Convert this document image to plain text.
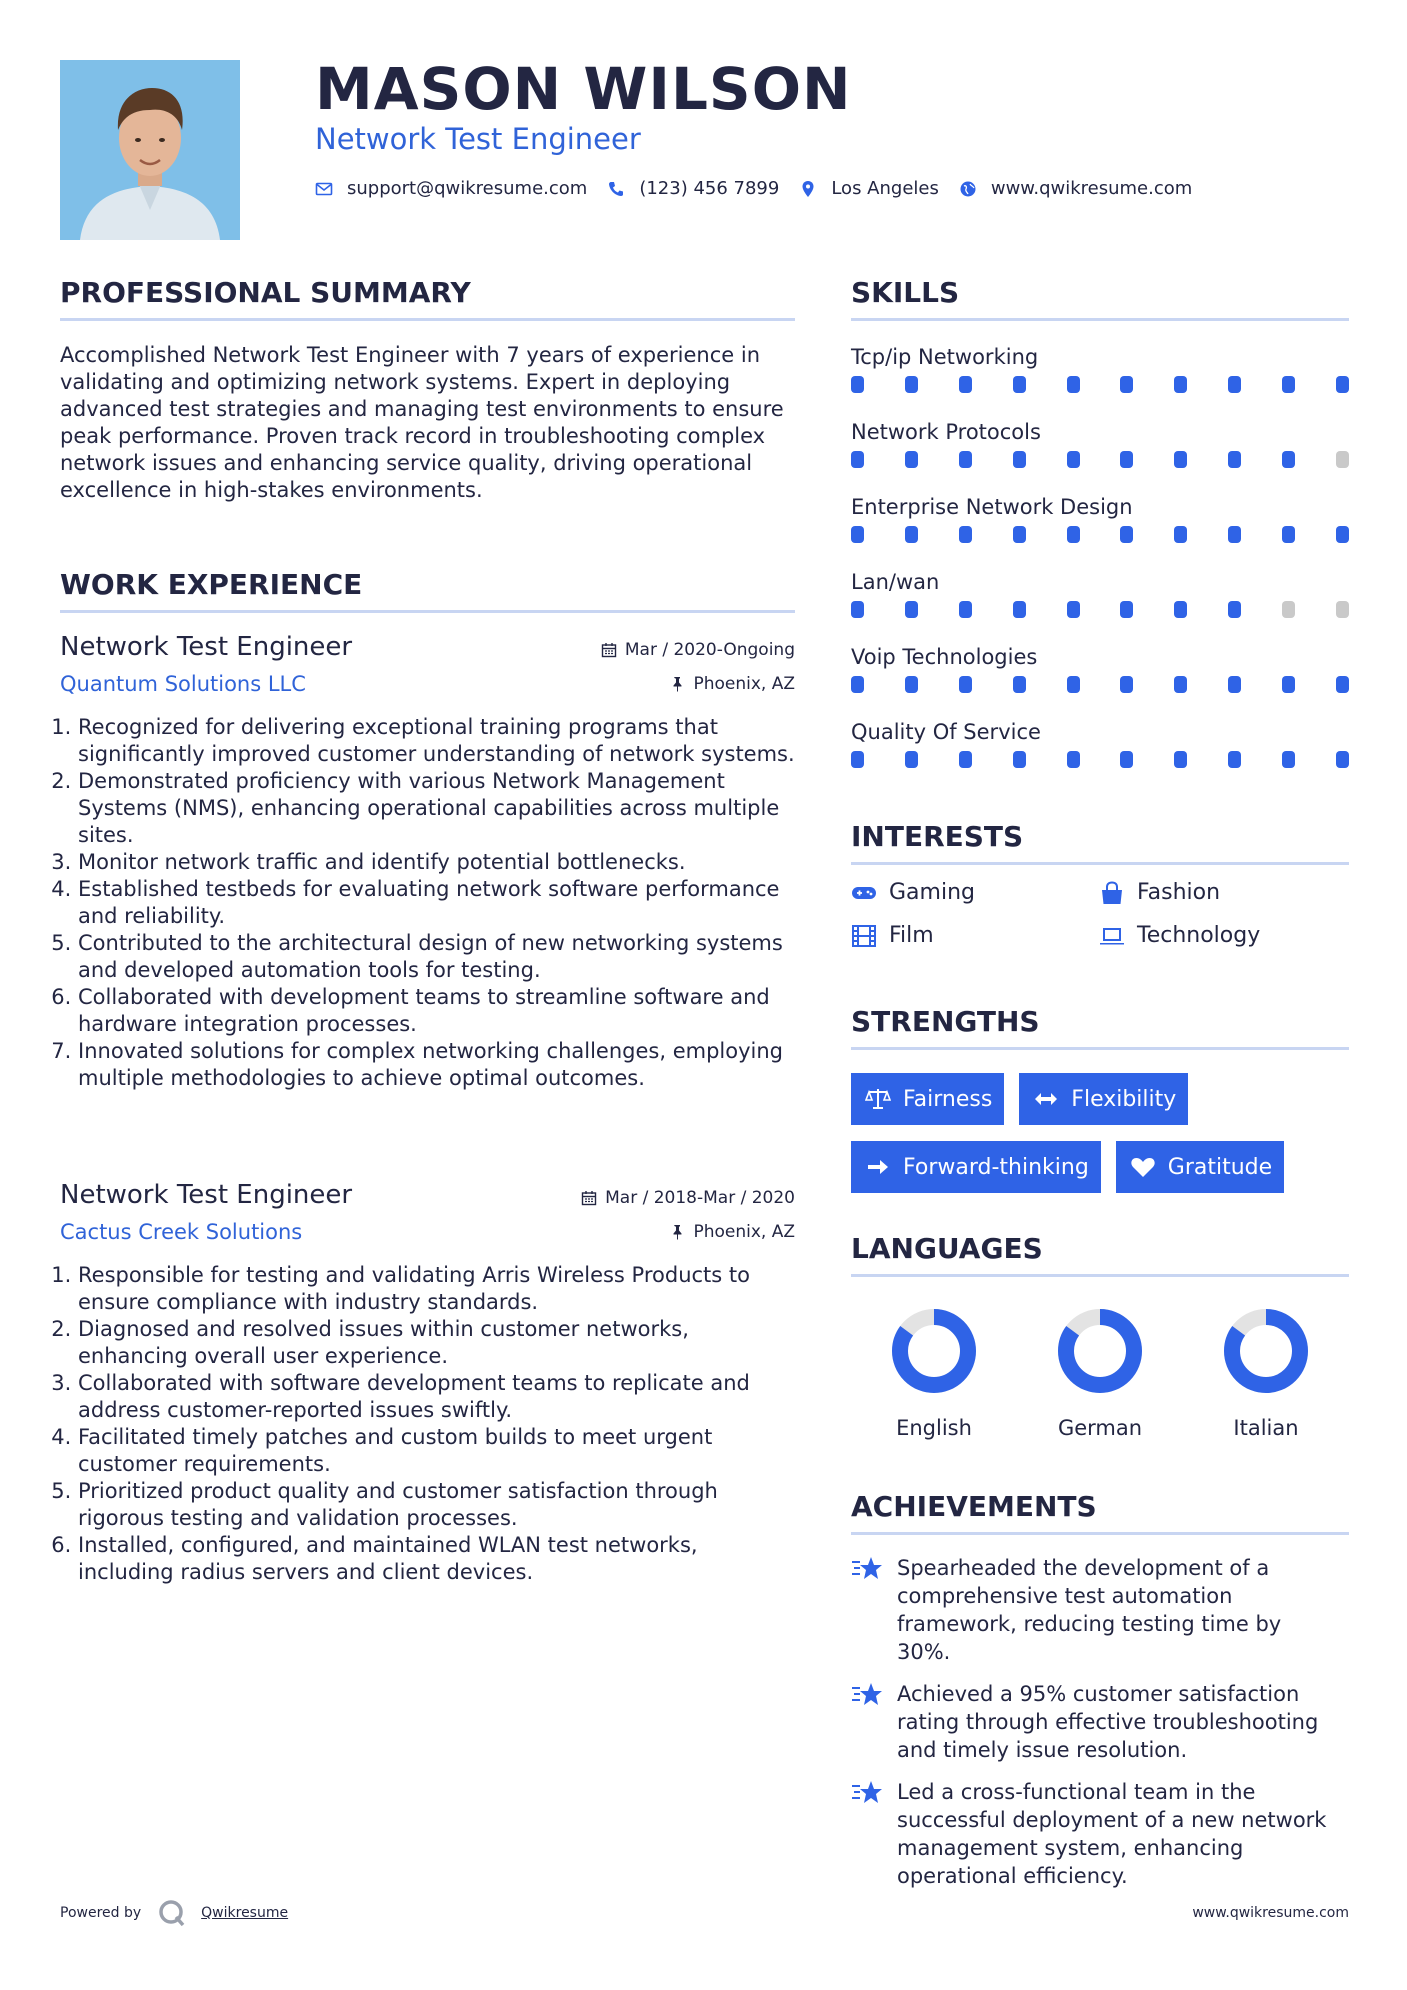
MASON WILSON
Network Test Engineer
support@qwikresume.com	(123) 456 7899	Los Angeles	www.qwikresume.com
PROFESSIONAL SUMMARY
Accomplished Network Test Engineer with 7 years of experience in validating and optimizing network systems. Expert in deploying advanced test strategies and managing test environments to ensure peak performance. Proven track record in troubleshooting complex network issues and enhancing service quality, driving operational excellence in high-stakes environments.
WORK EXPERIENCE
Network Test Engineer
Quantum Solutions LLC
Mar / 2020-Ongoing
Phoenix, AZ
1. Recognized for delivering exceptional training programs that significantly improved customer understanding of network systems.
2. Demonstrated proficiency with various Network Management Systems (NMS), enhancing operational capabilities across multiple sites.
3. Monitor network traffic and identify potential bottlenecks.
4. Established testbeds for evaluating network software performance and reliability.
5. Contributed to the architectural design of new networking systems and developed automation tools for testing.
6. Collaborated with development teams to streamline software and hardware integration processes.
7. Innovated solutions for complex networking challenges, employing multiple methodologies to achieve optimal outcomes.
Network Test Engineer
Cactus Creek Solutions
Mar / 2018-Mar / 2020
Phoenix, AZ
1. Responsible for testing and validating Arris Wireless Products to ensure compliance with industry standards.
2. Diagnosed and resolved issues within customer networks, enhancing overall user experience.
3. Collaborated with software development teams to replicate and address customer-reported issues swiftly.
4. Facilitated timely patches and custom builds to meet urgent customer requirements.
5. Prioritized product quality and customer satisfaction through rigorous testing and validation processes.
6. Installed, configured, and maintained WLAN test networks, including radius servers and client devices.
SKILLS
Tcp/ip Networking
Network Protocols
Enterprise Network Design
Lan/wan
Voip Technologies
Quality Of Service
INTERESTS
Gaming	Fashion
Film	Technology
STRENGTHS
Fairness	Flexibility
Forward-thinking	Gratitude
LANGUAGES
English	German	Italian
ACHIEVEMENTS
Spearheaded the development of a comprehensive test automation framework, reducing testing time by 30%.
Achieved a 95% customer satisfaction rating through effective troubleshooting and timely issue resolution.
Led a cross-functional team in the successful deployment of a new network management system, enhancing operational efficiency.
Powered by	Qwikresume	www.qwikresume.com
